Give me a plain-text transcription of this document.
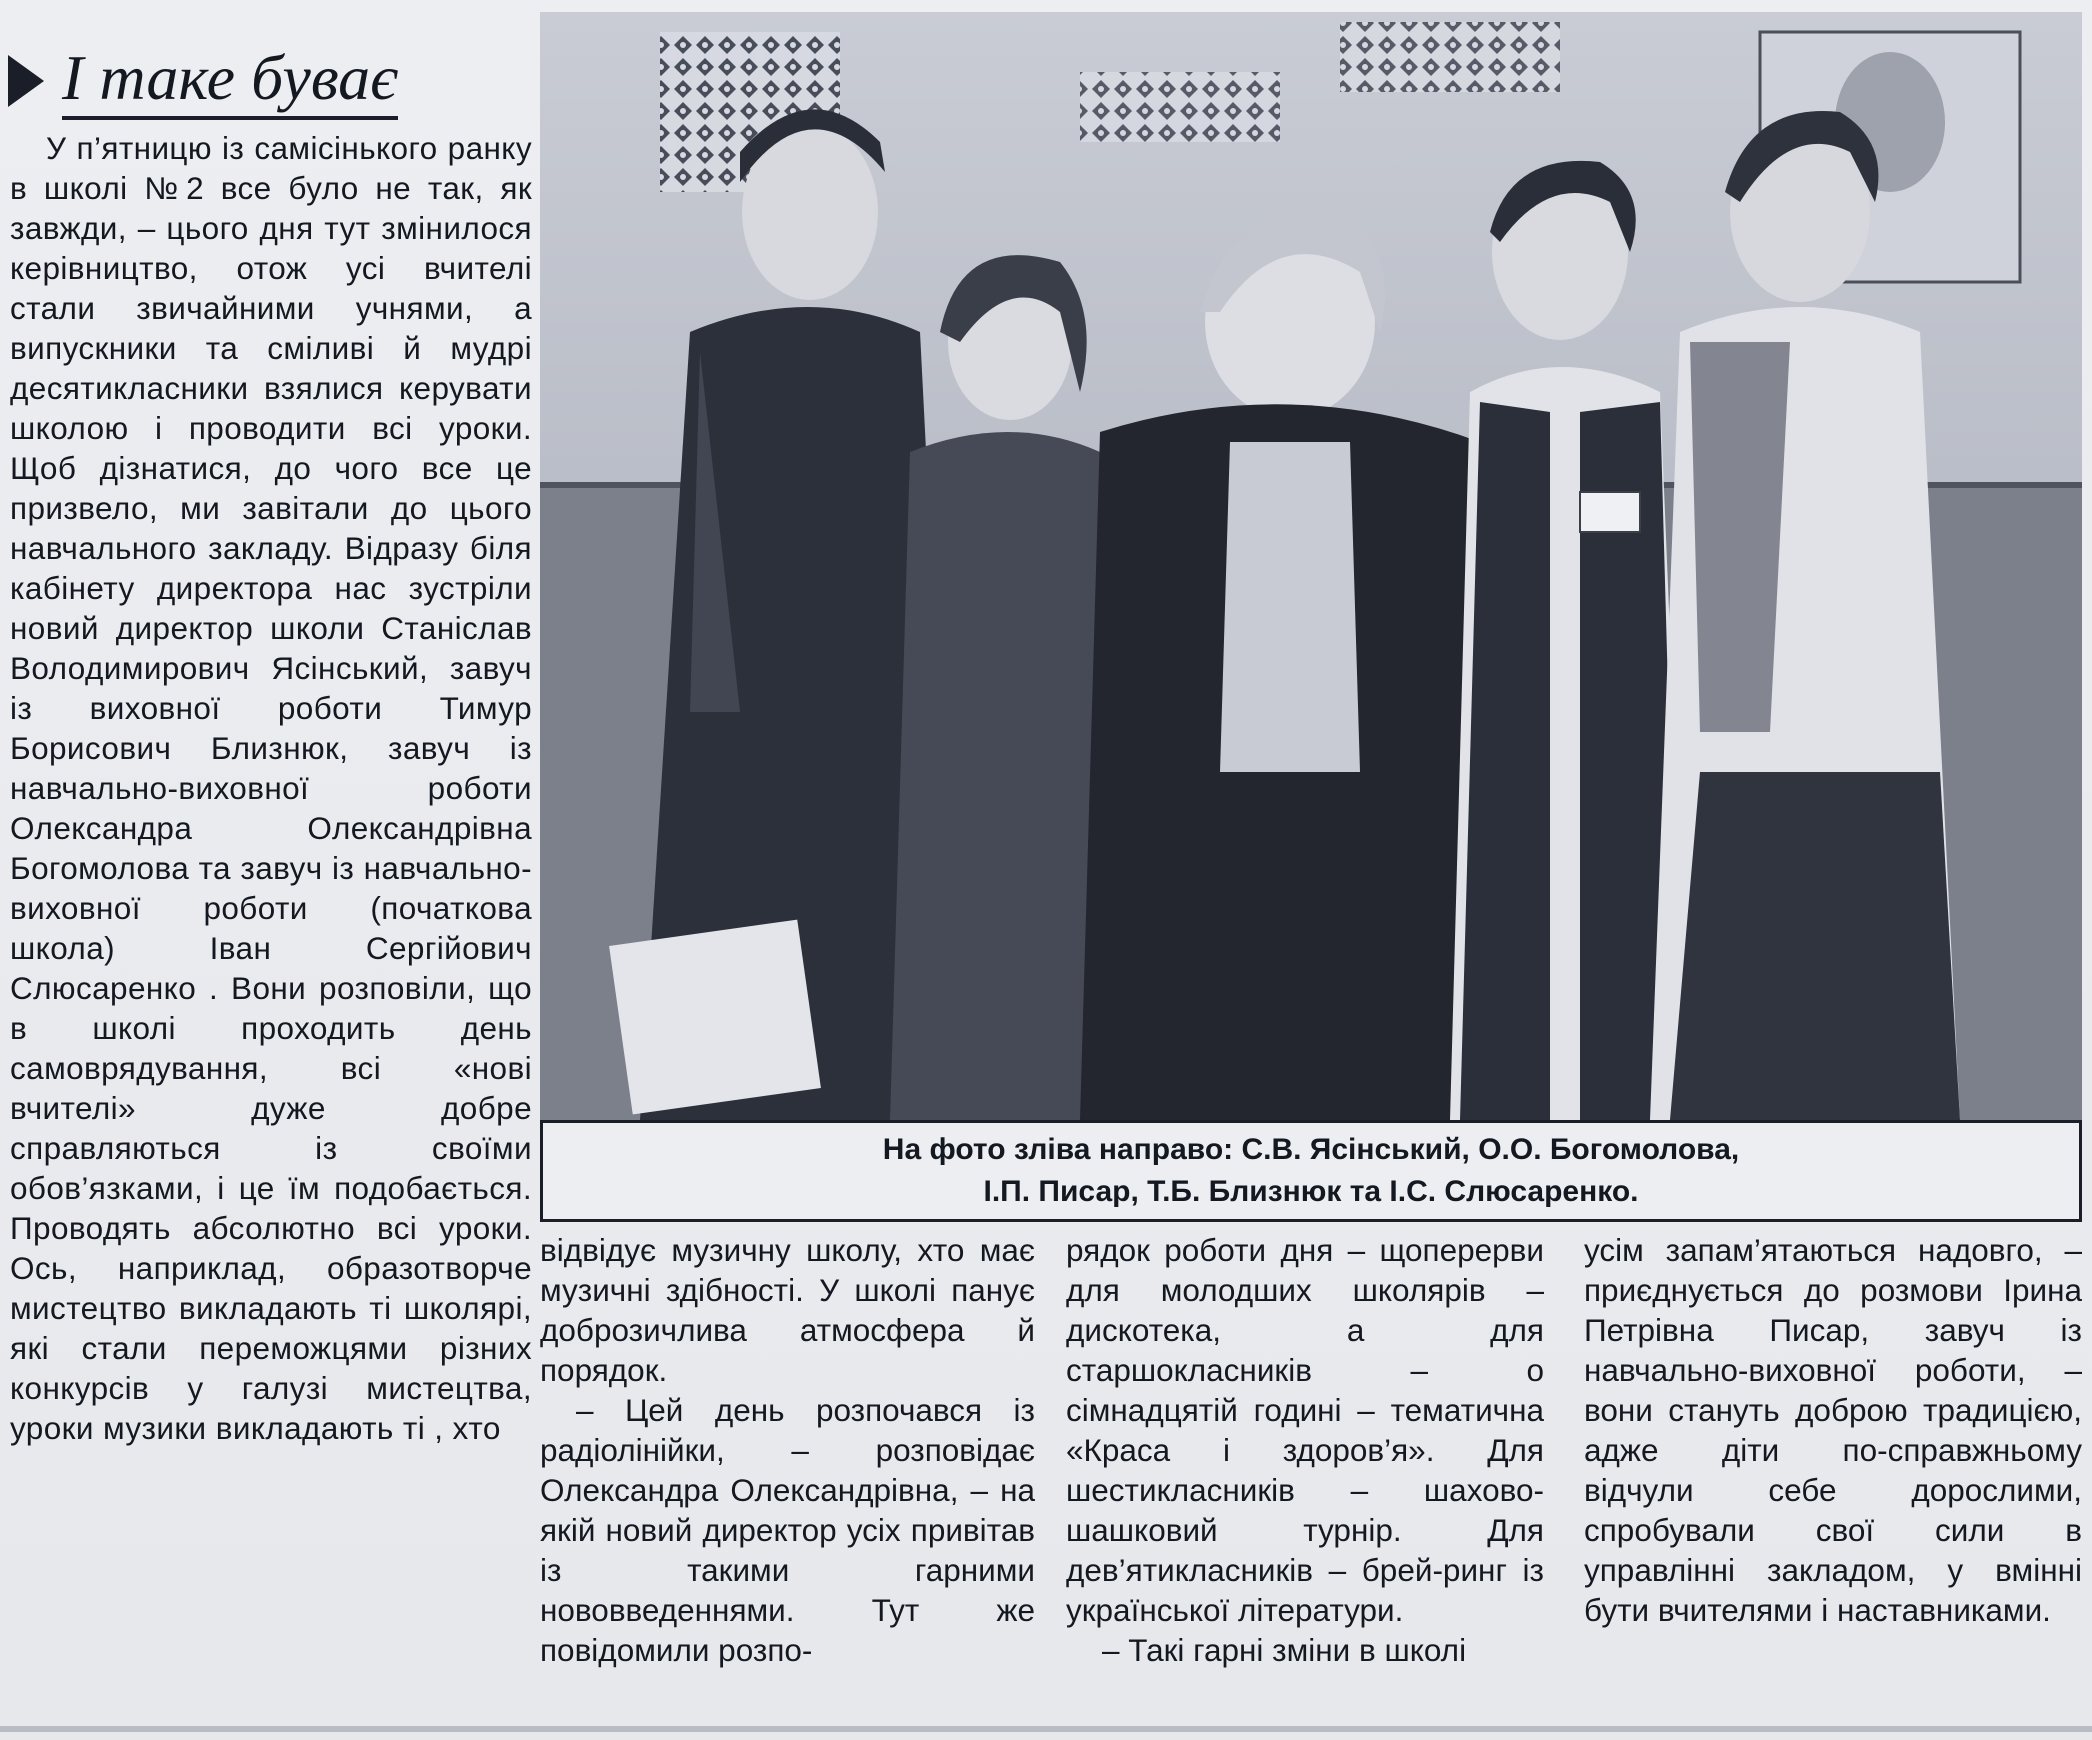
І таке буває

У п’ятницю із самісінького ранку в школі №2 все було не так, як завжди, – цього дня тут змінилося керівництво, отож усі вчителі стали звичайними учнями, а випускники та сміливі й мудрі десятикласники взялися керувати школою і проводити всі уроки. Щоб дізнатися, до чого все це призвело, ми завітали до цього навчального закладу. Відразу біля кабінету директора нас зустріли новий директор школи Станіслав Володимирович Ясінський, завуч із виховної роботи Тимур Борисович Близнюк, завуч із навчально-виховної роботи Олександра Олександрівна Богомолова та завуч із навчально-виховної роботи (початкова школа) Іван Сергійович Слюсаренко . Вони розповіли, що в школі проходить день самоврядування, всі «нові вчителі» дуже добре справляються із своїми обов’язками, і це їм подобається. Проводять абсолютно всі уроки. Ось, наприклад, образотворче мистецтво викладають ті школярі, які стали переможцями різних конкурсів у галузі мистецтва, уроки музики викладають ті , хто

На фото зліва направо: С.В. Ясінський, О.О. Богомолова,
І.П. Писар, Т.Б. Близнюк та І.С. Слюсаренко.

відвідує музичну школу, хто має музичні здібності. У школі панує доброзичлива атмосфера й порядок.

– Цей день розпочався із радіолінійки, – розповідає Олександра Олександрівна, – на якій новий директор усіх привітав із такими гарними нововведеннями. Тут же повідомили розпо-

рядок роботи дня – щоперерви для молодших школярів – дискотека, а для старшокласників – о сімнадцятій годині – тематична «Краса і здоров’я». Для шестикласників – шахово-шашковий турнір. Для дев’ятикласників – брей-ринг із української літератури.

– Такі гарні зміни в школі

усім запам’ятаються надовго, –приєднується до розмови Ірина Петрівна Писар, завуч із навчально-виховної роботи, – вони стануть доброю традицією, адже діти по-справжньому відчули себе дорослими, спробували свої сили в управлінні закладом, у вмінні бути вчителями і наставниками.
